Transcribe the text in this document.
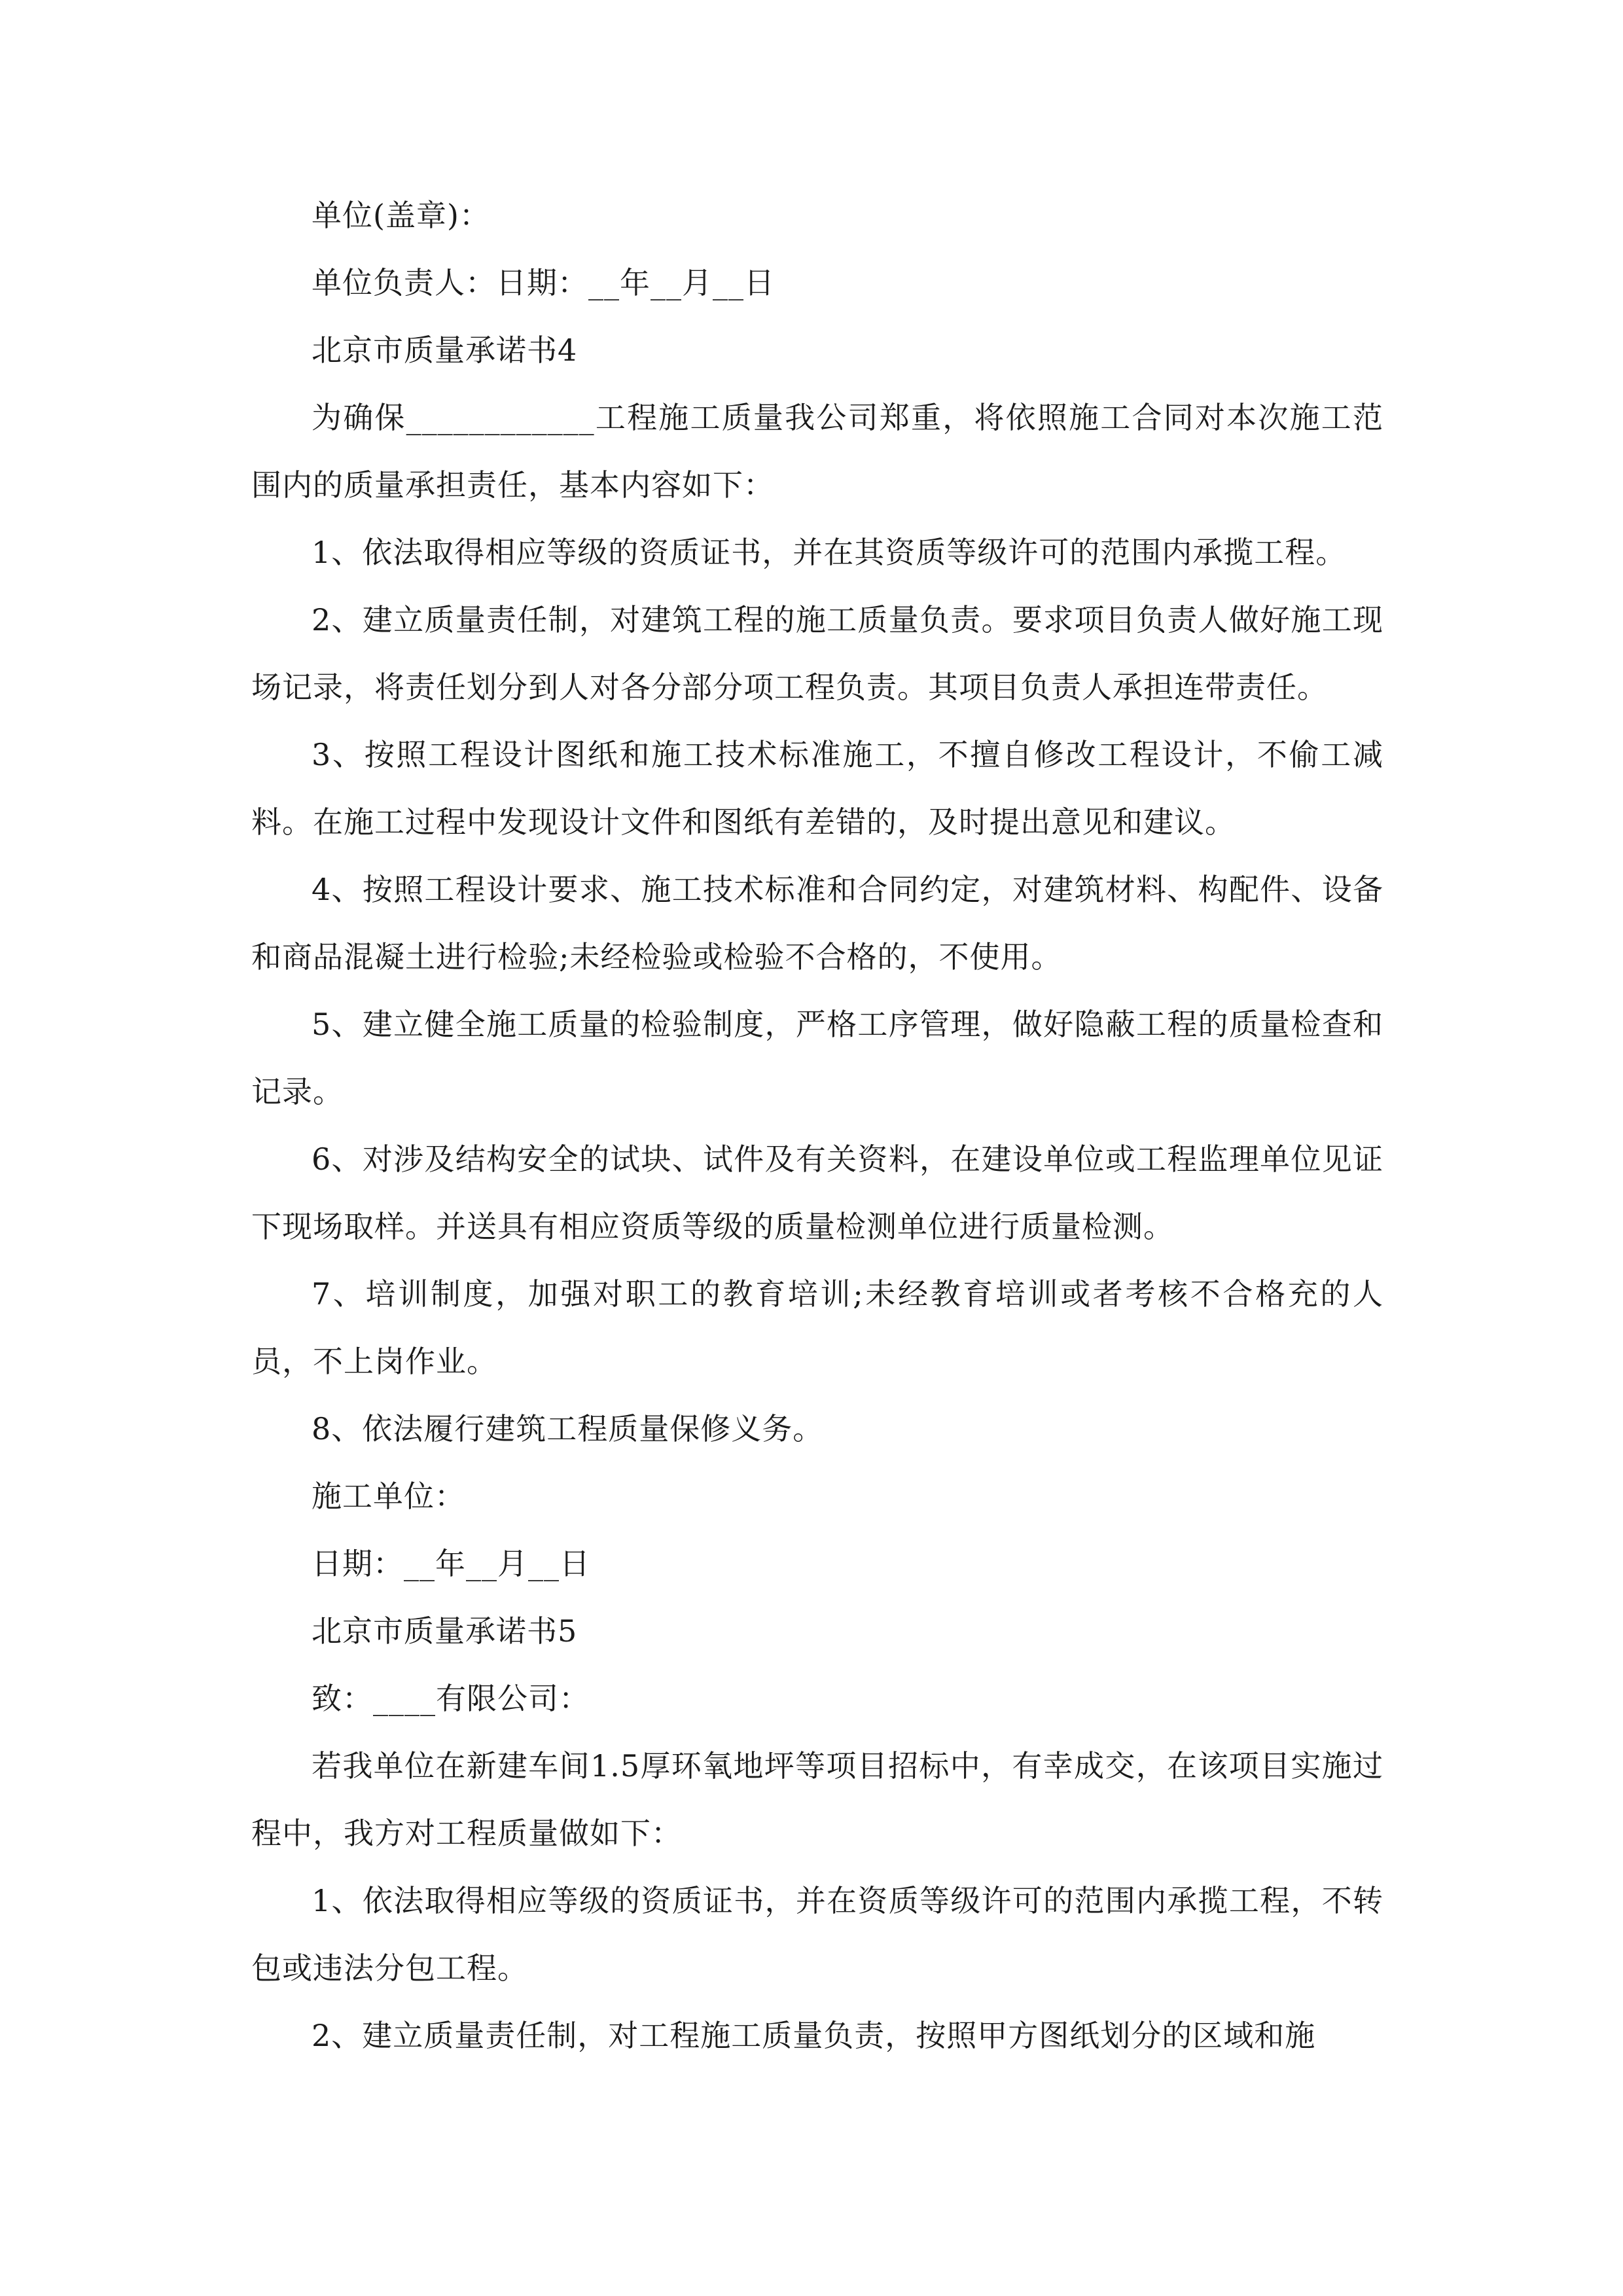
单位(盖章)：

单位负责人：日期：__年__月__日

北京市质量承诺书4

为确保____________工程施工质量我公司郑重，将依照施工合同对本次施工范围内的质量承担责任，基本内容如下：

1、依法取得相应等级的资质证书，并在其资质等级许可的范围内承揽工程。

2、建立质量责任制，对建筑工程的施工质量负责。要求项目负责人做好施工现场记录，将责任划分到人对各分部分项工程负责。其项目负责人承担连带责任。

3、按照工程设计图纸和施工技术标准施工，不擅自修改工程设计，不偷工减料。在施工过程中发现设计文件和图纸有差错的，及时提出意见和建议。

4、按照工程设计要求、施工技术标准和合同约定，对建筑材料、构配件、设备和商品混凝土进行检验;未经检验或检验不合格的，不使用。

5、建立健全施工质量的检验制度，严格工序管理，做好隐蔽工程的质量检查和记录。

6、对涉及结构安全的试块、试件及有关资料，在建设单位或工程监理单位见证下现场取样。并送具有相应资质等级的质量检测单位进行质量检测。

7、培训制度，加强对职工的教育培训;未经教育培训或者考核不合格充的人员，不上岗作业。

8、依法履行建筑工程质量保修义务。

施工单位：

日期：__年__月__日

北京市质量承诺书5

致：____有限公司：

若我单位在新建车间1.5厚环氧地坪等项目招标中，有幸成交，在该项目实施过程中，我方对工程质量做如下：

1、依法取得相应等级的资质证书，并在资质等级许可的范围内承揽工程，不转包或违法分包工程。

2、建立质量责任制，对工程施工质量负责，按照甲方图纸划分的区域和施
